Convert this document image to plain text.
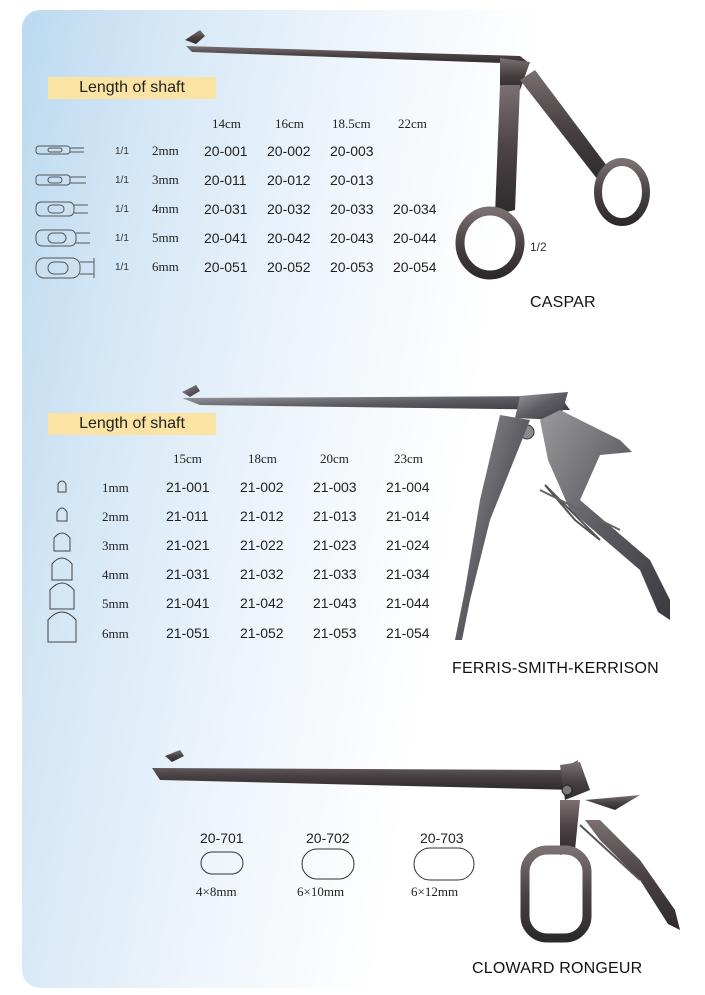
Length of shaft
14cm	16cm 18.5cm 22cm
1/1 2mm 20-001 20-002 20-003
1/1 3mm 20-011 20-012 20-013
1/1 4mm 20-031 20-032 20-033 20-034
1/1 5mm 20-041 20-042 20-043 20-044
1/1 6mm 20-051 20-052 20-053 20-054
1/2
CASPAR
Length of shaft
15cm	18cm	20cm	23cm
1mm	21-001 21-002 21-003 21-004
2mm	21-011 21-012 21-013 21-014
3mm	21-021 21-022 21-023 21-024
4mm	21-031 21-032 21-033 21-034
5mm	21-041 21-042 21-043 21-044
6mm	21-051 21-052 21-053 21-054
FERRIS-SMITH-KERRISON
20-701	20-702	20-703
4×8mm	6×10mm	6×12mm
CLOWARD RONGEUR
